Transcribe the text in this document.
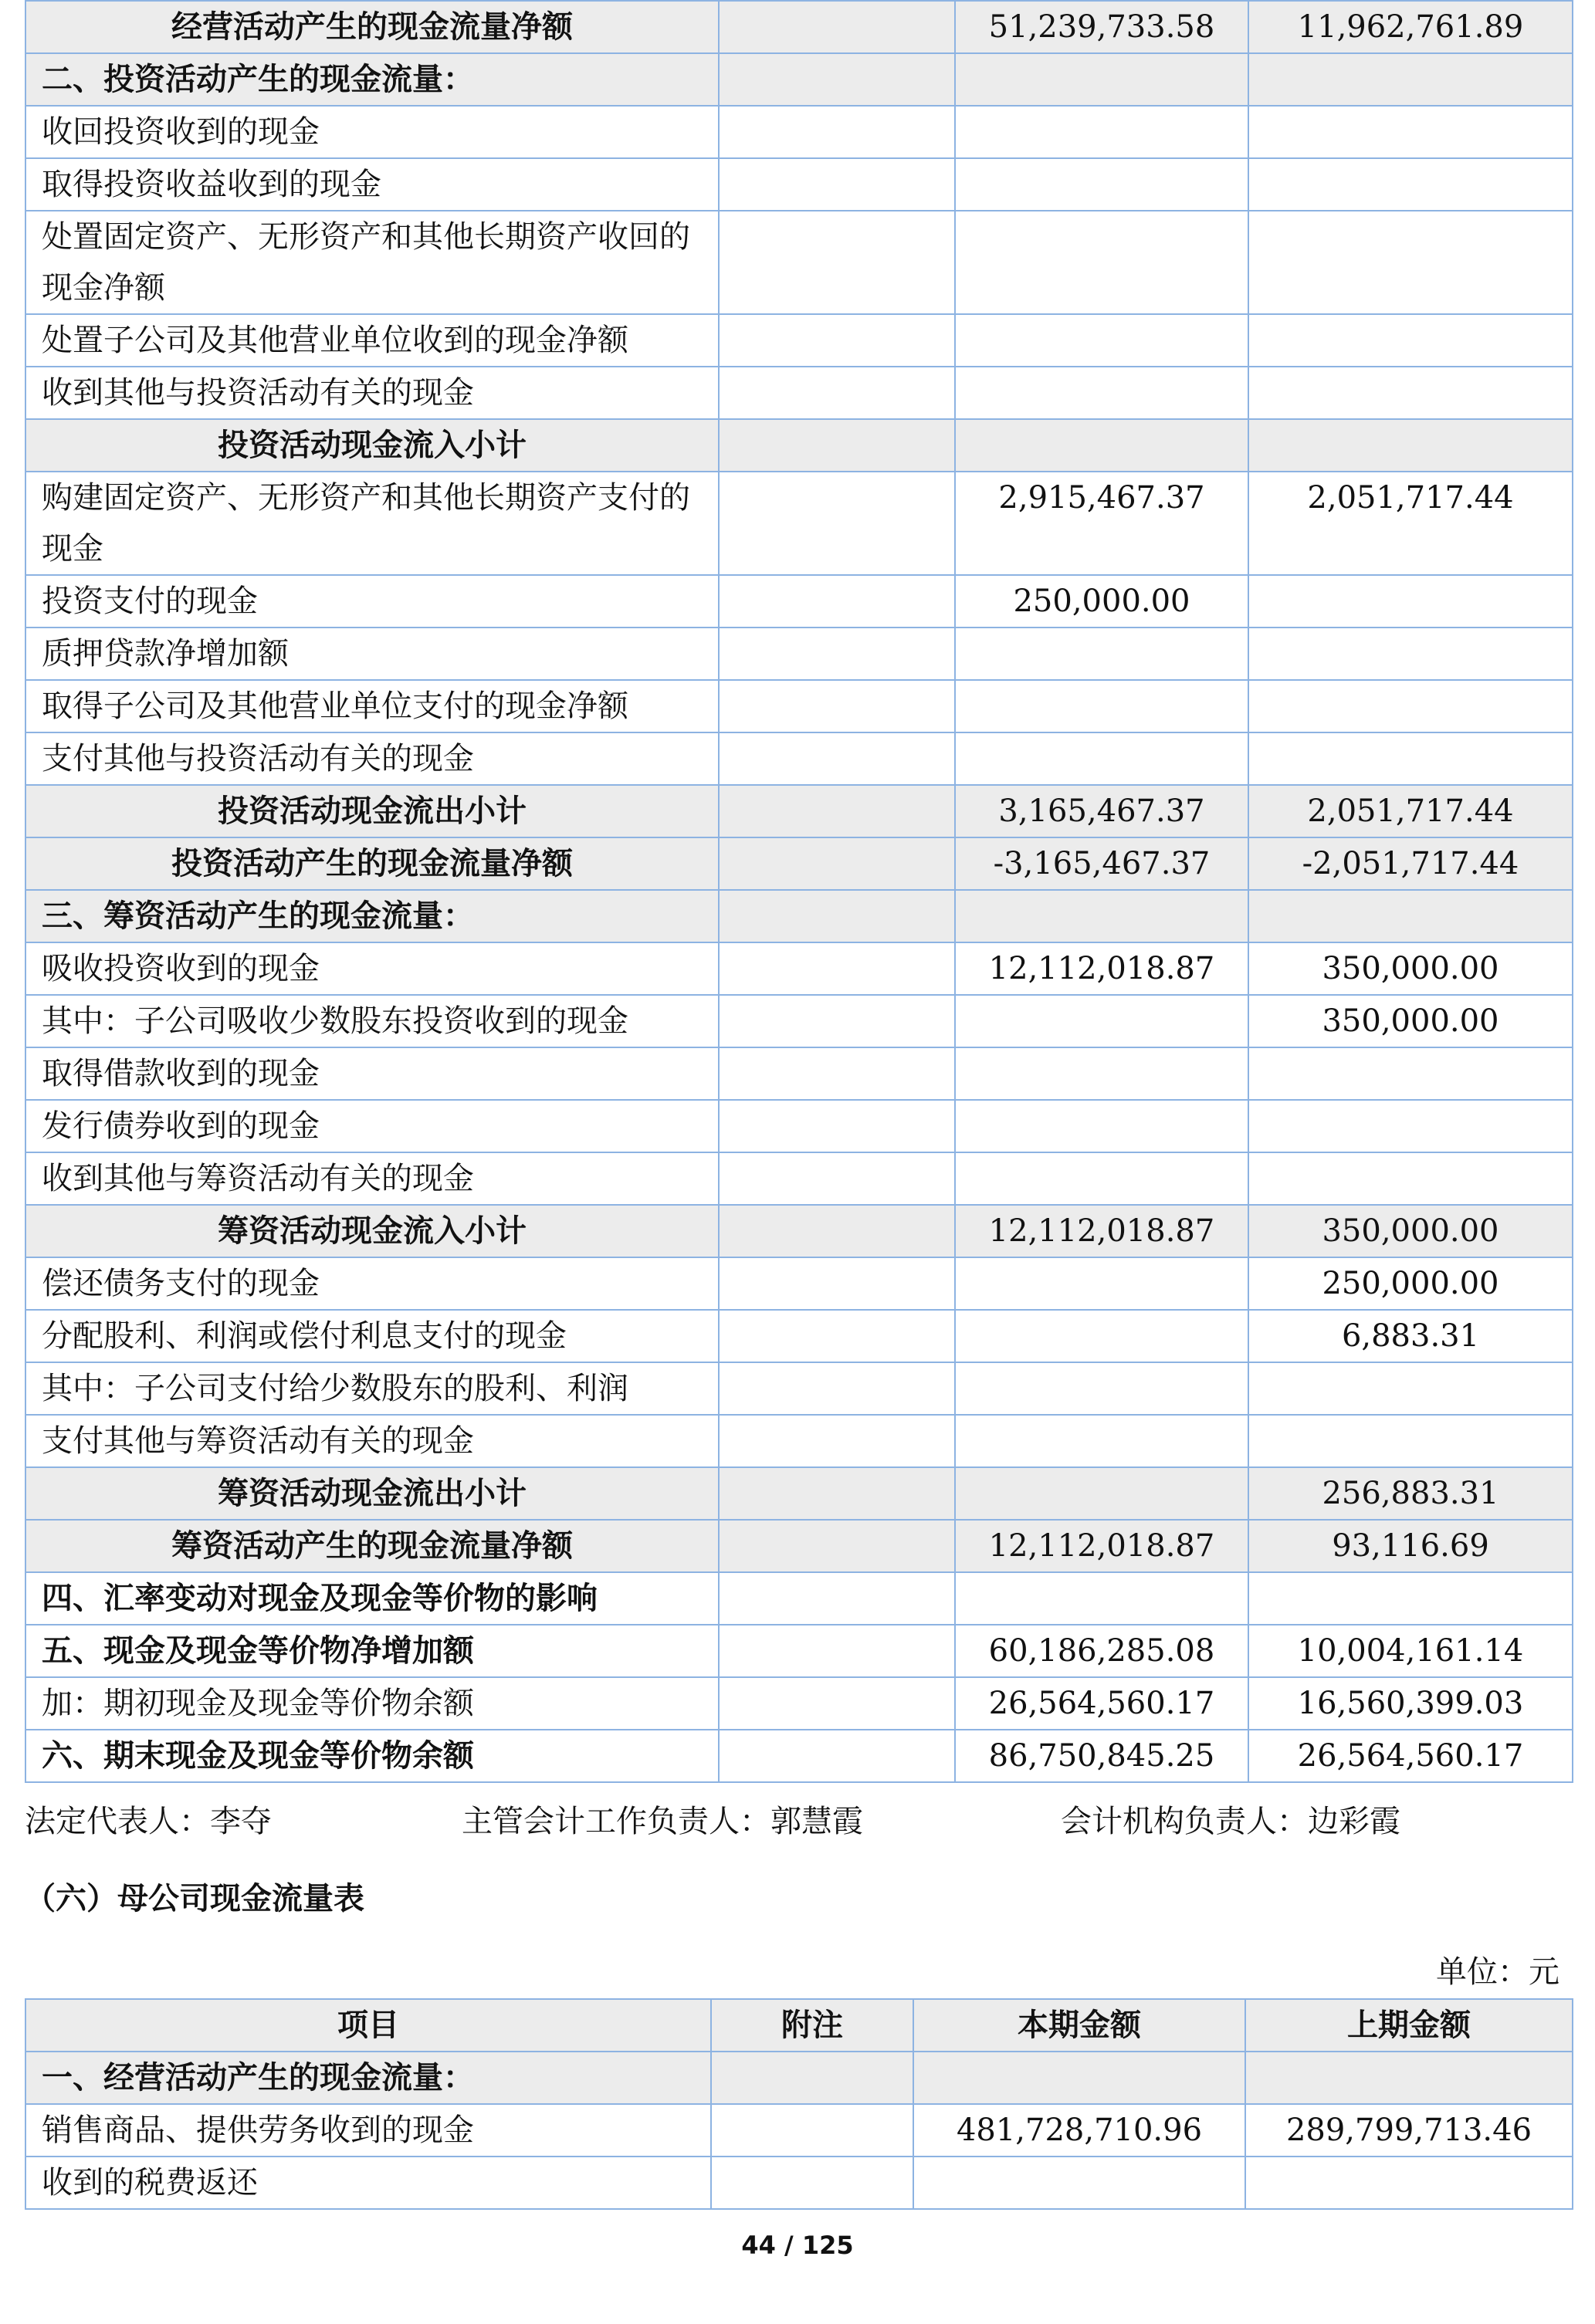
经营活动产生的现金流量净额		51,239,733.58	11,962,761.89
二、投资活动产生的现金流量：			
收回投资收到的现金			
取得投资收益收到的现金			
处置固定资产、无形资产和其他长期资产收回的现金净额			
处置子公司及其他营业单位收到的现金净额			
收到其他与投资活动有关的现金			
投资活动现金流入小计			
购建固定资产、无形资产和其他长期资产支付的现金		2,915,467.37	2,051,717.44
投资支付的现金		250,000.00	
质押贷款净增加额			
取得子公司及其他营业单位支付的现金净额			
支付其他与投资活动有关的现金			
投资活动现金流出小计		3,165,467.37	2,051,717.44
投资活动产生的现金流量净额		-3,165,467.37	-2,051,717.44
三、筹资活动产生的现金流量：			
吸收投资收到的现金		12,112,018.87	350,000.00
其中：子公司吸收少数股东投资收到的现金			350,000.00
取得借款收到的现金			
发行债券收到的现金			
收到其他与筹资活动有关的现金			
筹资活动现金流入小计		12,112,018.87	350,000.00
偿还债务支付的现金			250,000.00
分配股利、利润或偿付利息支付的现金			6,883.31
其中：子公司支付给少数股东的股利、利润			
支付其他与筹资活动有关的现金			
筹资活动现金流出小计			256,883.31
筹资活动产生的现金流量净额		12,112,018.87	93,116.69
四、汇率变动对现金及现金等价物的影响			
五、现金及现金等价物净增加额		60,186,285.08	10,004,161.14
加：期初现金及现金等价物余额		26,564,560.17	16,560,399.03
六、期末现金及现金等价物余额		86,750,845.25	26,564,560.17
法定代表人：李夺	主管会计工作负责人：郭慧霞	会计机构负责人：边彩霞
（六）母公司现金流量表
单位：元
项目	附注	本期金额	上期金额
一、经营活动产生的现金流量：			
销售商品、提供劳务收到的现金		481,728,710.96	289,799,713.46
收到的税费返还			
44 / 125
